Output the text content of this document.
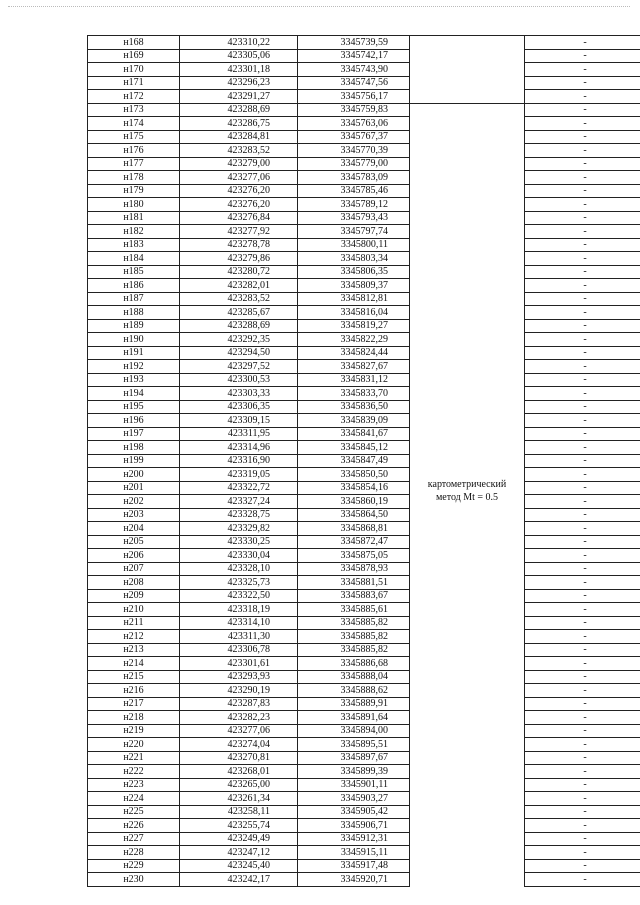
н168	423310,22	3345739,59		-
н169	423305,06	3345742,17		-
н170	423301,18	3345743,90		-
н171	423296,23	3345747,56		-
н172	423291,27	3345756,17		-
н173	423288,69	3345759,83	картометрический
метод Mt = 0.5	-
н174	423286,75	3345763,06		-
н175	423284,81	3345767,37		-
н176	423283,52	3345770,39		-
н177	423279,00	3345779,00		-
н178	423277,06	3345783,09		-
н179	423276,20	3345785,46		-
н180	423276,20	3345789,12		-
н181	423276,84	3345793,43		-
н182	423277,92	3345797,74		-
н183	423278,78	3345800,11		-
н184	423279,86	3345803,34		-
н185	423280,72	3345806,35		-
н186	423282,01	3345809,37		-
н187	423283,52	3345812,81		-
н188	423285,67	3345816,04		-
н189	423288,69	3345819,27		-
н190	423292,35	3345822,29		-
н191	423294,50	3345824,44		-
н192	423297,52	3345827,67		-
н193	423300,53	3345831,12		-
н194	423303,33	3345833,70		-
н195	423306,35	3345836,50		-
н196	423309,15	3345839,09		-
н197	423311,95	3345841,67		-
н198	423314,96	3345845,12		-
н199	423316,90	3345847,49		-
н200	423319,05	3345850,50		-
н201	423322,72	3345854,16		-
н202	423327,24	3345860,19		-
н203	423328,75	3345864,50		-
н204	423329,82	3345868,81		-
н205	423330,25	3345872,47		-
н206	423330,04	3345875,05		-
н207	423328,10	3345878,93		-
н208	423325,73	3345881,51		-
н209	423322,50	3345883,67		-
н210	423318,19	3345885,61		-
н211	423314,10	3345885,82		-
н212	423311,30	3345885,82		-
н213	423306,78	3345885,82		-
н214	423301,61	3345886,68		-
н215	423293,93	3345888,04		-
н216	423290,19	3345888,62		-
н217	423287,83	3345889,91		-
н218	423282,23	3345891,64		-
н219	423277,06	3345894,00		-
н220	423274,04	3345895,51		-
н221	423270,81	3345897,67		-
н222	423268,01	3345899,39		-
н223	423265,00	3345901,11		-
н224	423261,34	3345903,27		-
н225	423258,11	3345905,42		-
н226	423255,74	3345906,71		-
н227	423249,49	3345912,31		-
н228	423247,12	3345915,11		-
н229	423245,40	3345917,48		-
н230	423242,17	3345920,71		-
